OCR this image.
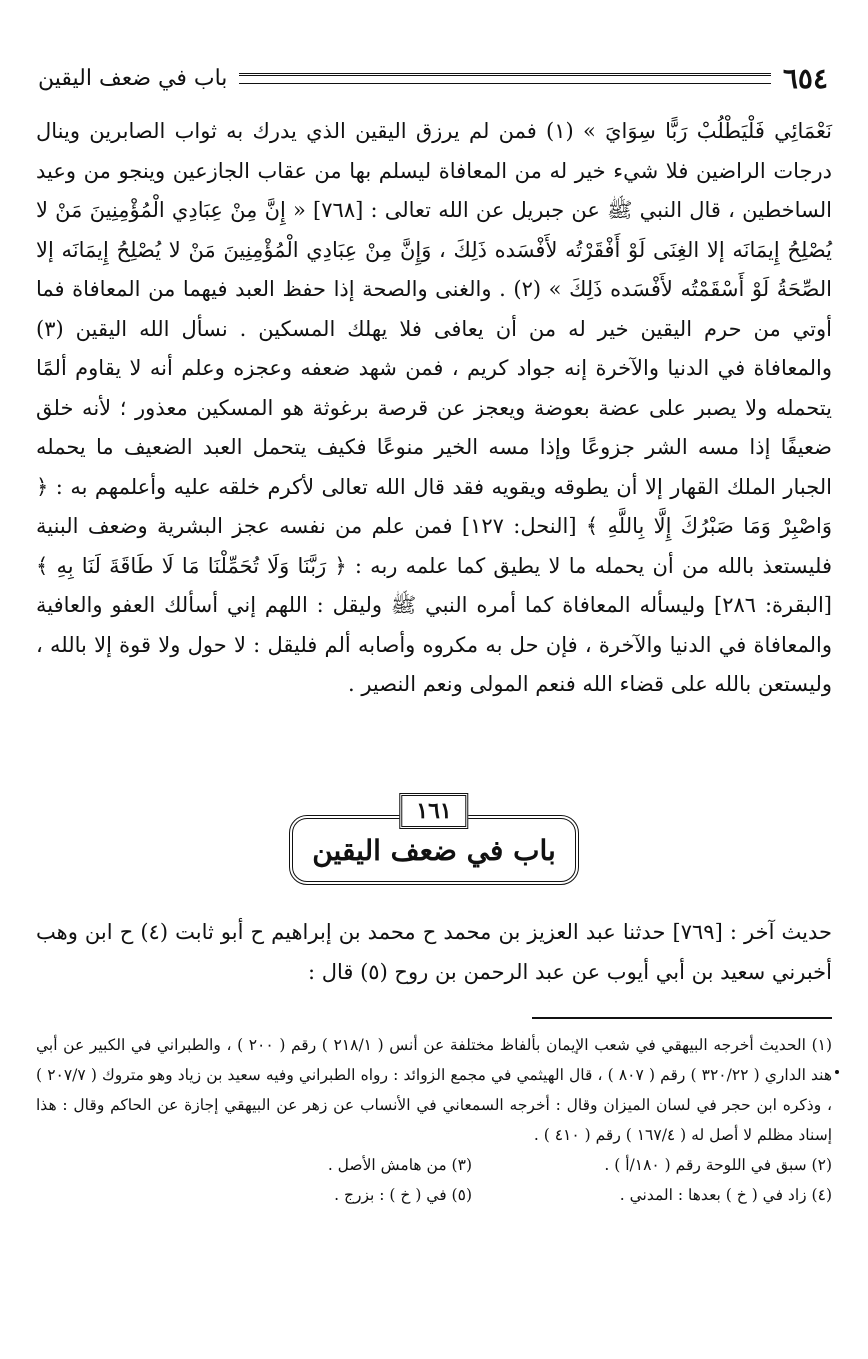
٦٥٤
باب في ضعف اليقين

نَعْمَائِي فَلْيَطْلُبْ رَبًّا سِوَايَ » (١) فمن لم يرزق اليقين الذي يدرك به ثواب الصابرين وينال درجات الراضين فلا شيء خير له من المعافاة ليسلم بها من عقاب الجازعين وينجو من وعيد الساخطين ، قال النبي ﷺ عن جبريل عن الله تعالى : [٧٦٨] « إِنَّ مِنْ عِبَادِي الْمُؤْمِنِينَ مَنْ لا يُصْلِحُ إِيمَانَه إلا الغِنَى لَوْ أَفْقَرْتُه لأَفْسَده ذَلِكَ ، وَإِنَّ مِنْ عِبَادِي الْمُؤْمِنِينَ مَنْ لا يُصْلِحُ إِيمَانَه إلا الصِّحَةُ لَوْ أَسْقَمْتُه لأَفْسَده ذَلِكَ » (٢) . والغنى والصحة إذا حفظ العبد فيهما من المعافاة فما أوتي من حرم اليقين خير له من أن يعافى فلا يهلك المسكين . نسأل الله اليقين (٣) والمعافاة في الدنيا والآخرة إنه جواد كريم ، فمن شهد ضعفه وعجزه وعلم أنه لا يقاوم ألمًا يتحمله ولا يصبر على عضة بعوضة ويعجز عن قرصة برغوثة هو المسكين معذور ؛ لأنه خلق ضعيفًا إذا مسه الشر جزوعًا وإذا مسه الخير منوعًا فكيف يتحمل العبد الضعيف ما يحمله الجبار الملك القهار إلا أن يطوقه ويقويه فقد قال الله تعالى لأكرم خلقه عليه وأعلمهم به : ﴿ وَاصْبِرْ وَمَا صَبْرُكَ إِلَّا بِاللَّهِ ﴾ [النحل: ١٢٧] فمن علم من نفسه عجز البشرية وضعف البنية فليستعذ بالله من أن يحمله ما لا يطيق كما علمه ربه : ﴿ رَبَّنَا وَلَا تُحَمِّلْنَا مَا لَا طَاقَةَ لَنَا بِهِ ﴾ [البقرة: ٢٨٦] وليسأله المعافاة كما أمره النبي ﷺ وليقل : اللهم إني أسألك العفو والعافية والمعافاة في الدنيا والآخرة ، فإن حل به مكروه وأصابه ألم فليقل : لا حول ولا قوة إلا بالله ، وليستعن بالله على قضاء الله فنعم المولى ونعم النصير .

١٦١
باب في ضعف اليقين

حديث آخر : [٧٦٩] حدثنا عبد العزيز بن محمد ح محمد بن إبراهيم ح أبو ثابت (٤) ح ابن وهب أخبرني سعيد بن أبي أيوب عن عبد الرحمن بن روح (٥) قال :

(١) الحديث أخرجه البيهقي في شعب الإيمان بألفاظ مختلفة عن أنس ( ٢١٨/١ ) رقم ( ٢٠٠ ) ، والطبراني في الكبير عن أبي هند الداري ( ٣٢٠/٢٢ ) رقم ( ٨٠٧ ) ، قال الهيثمي في مجمع الزوائد : رواه الطبراني وفيه سعيد بن زياد وهو متروك ( ٢٠٧/٧ ) ، وذكره ابن حجر في لسان الميزان وقال : أخرجه السمعاني في الأنساب عن زهر عن البيهقي إجازة عن الحاكم وقال : هذا إسناد مظلم لا أصل له ( ١٦٧/٤ ) رقم ( ٤١٠ ) .

(٢) سبق في اللوحة رقم ( ١٨٠/أ ) .
(٣) من هامش الأصل .
(٤) زاد في ( خ ) بعدها : المدني .
(٥) في ( خ ) : بزرج .
